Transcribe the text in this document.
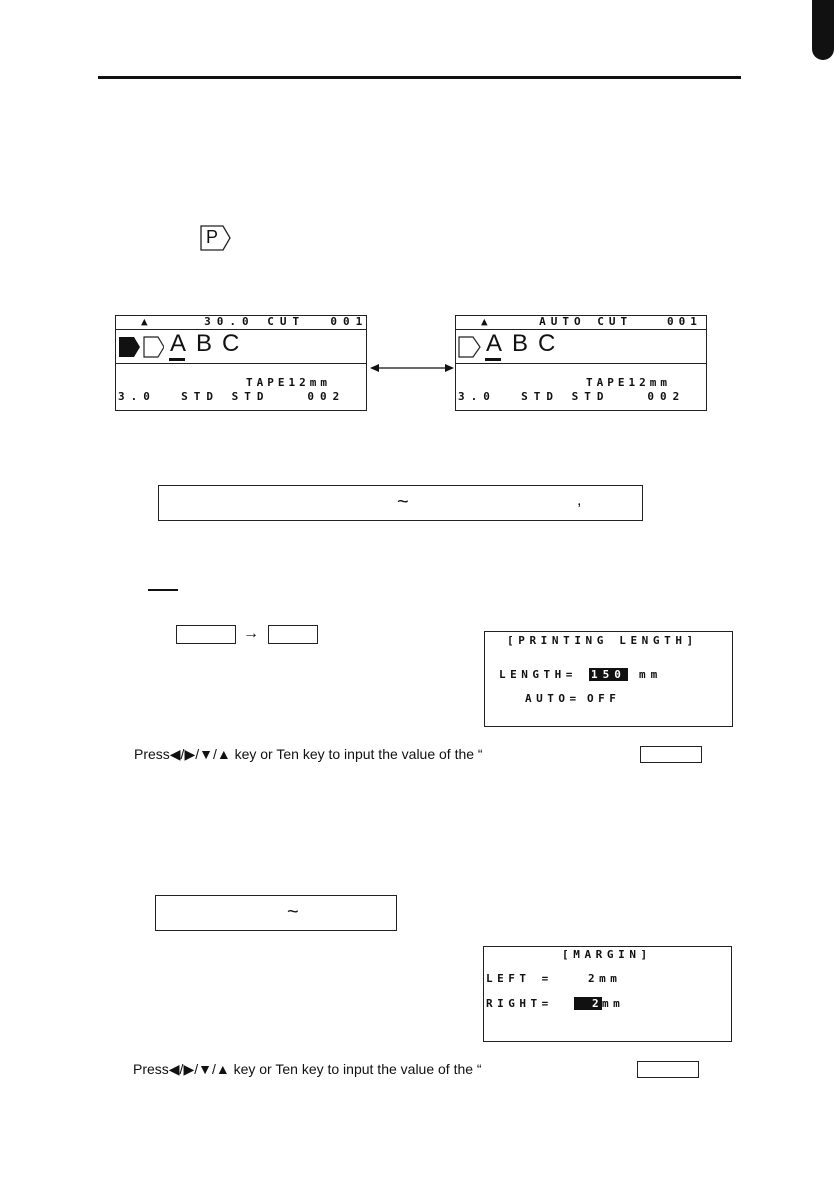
P
▲    30.0 CUT  001
ABC
TAPE12mm
3.0  STD STD   002
▲    AUTO CUT   001
ABC
TAPE12mm
3.0  STD STD   002
~	,
→	[PRINTING LENGTH]
LENGTH= 150 mm
AUTO= OFF
Press◀/▶/▼/▲ key or Ten key to input the value of the “
~
[MARGIN]
LEFT =	2mm
RIGHT=	2 mm
Press◀/▶/▼/▲ key or Ten key to input the value of the “
